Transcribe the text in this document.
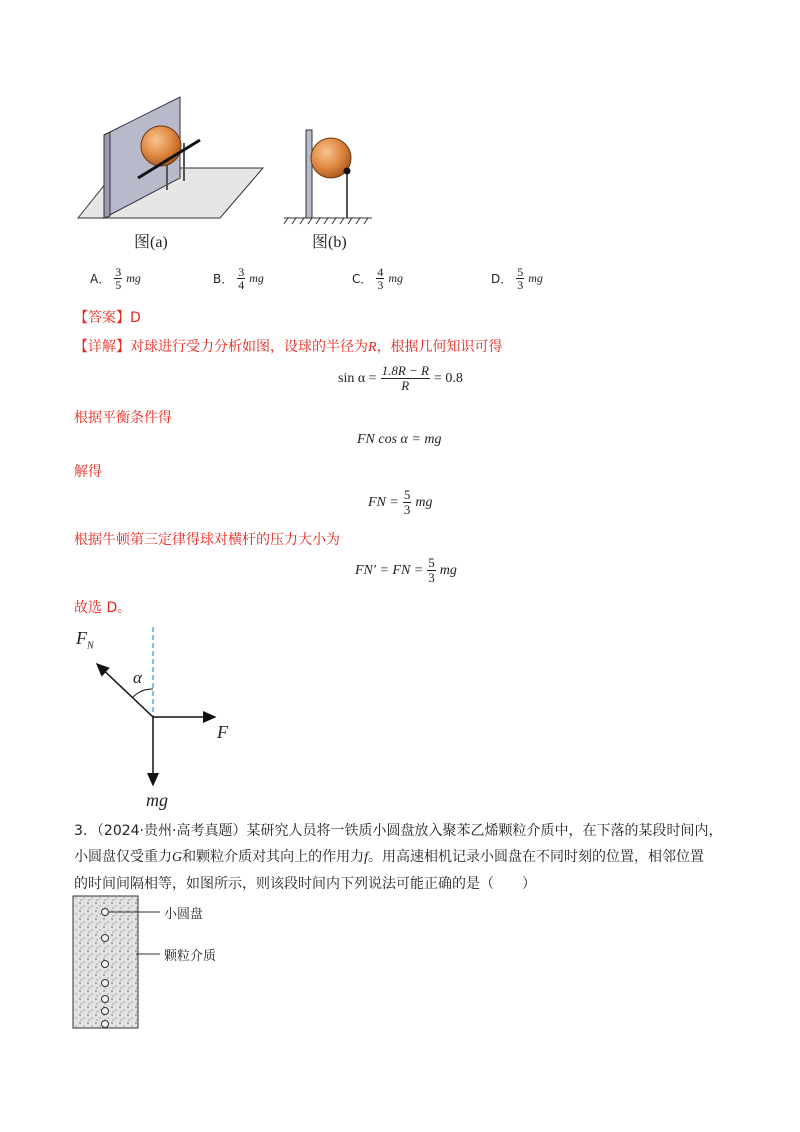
图(a)	图(b)
A． $\frac{3}{5}$ mg	B． $\frac{3}{4}$ mg	C． $\frac{4}{3}$ mg	D． $\frac{5}{3}$ mg
【答案】D
【详解】对球进行受力分析如图，设球的半径为R，根据几何知识可得
$\sin \alpha = \frac{1.8R - R}{R} = 0.8$
根据平衡条件得
FN cos α = mg
解得
FN = $\frac{5}{3}$ mg
根据牛顿第三定律得球对横杆的压力大小为
FN′ = FN = $\frac{5}{3}$ mg
故选 D。
$F_N$
α
F
mg
3．（2024·贵州·高考真题）某研究人员将一铁质小圆盘放入聚苯乙烯颗粒介质中，在下落的某段时间内，
小圆盘仅受重力G和颗粒介质对其向上的作用力f。用高速相机记录小圆盘在不同时刻的位置，相邻位置
的时间间隔相等，如图所示，则该段时间内下列说法可能正确的是（　　）
小圆盘
颗粒介质
